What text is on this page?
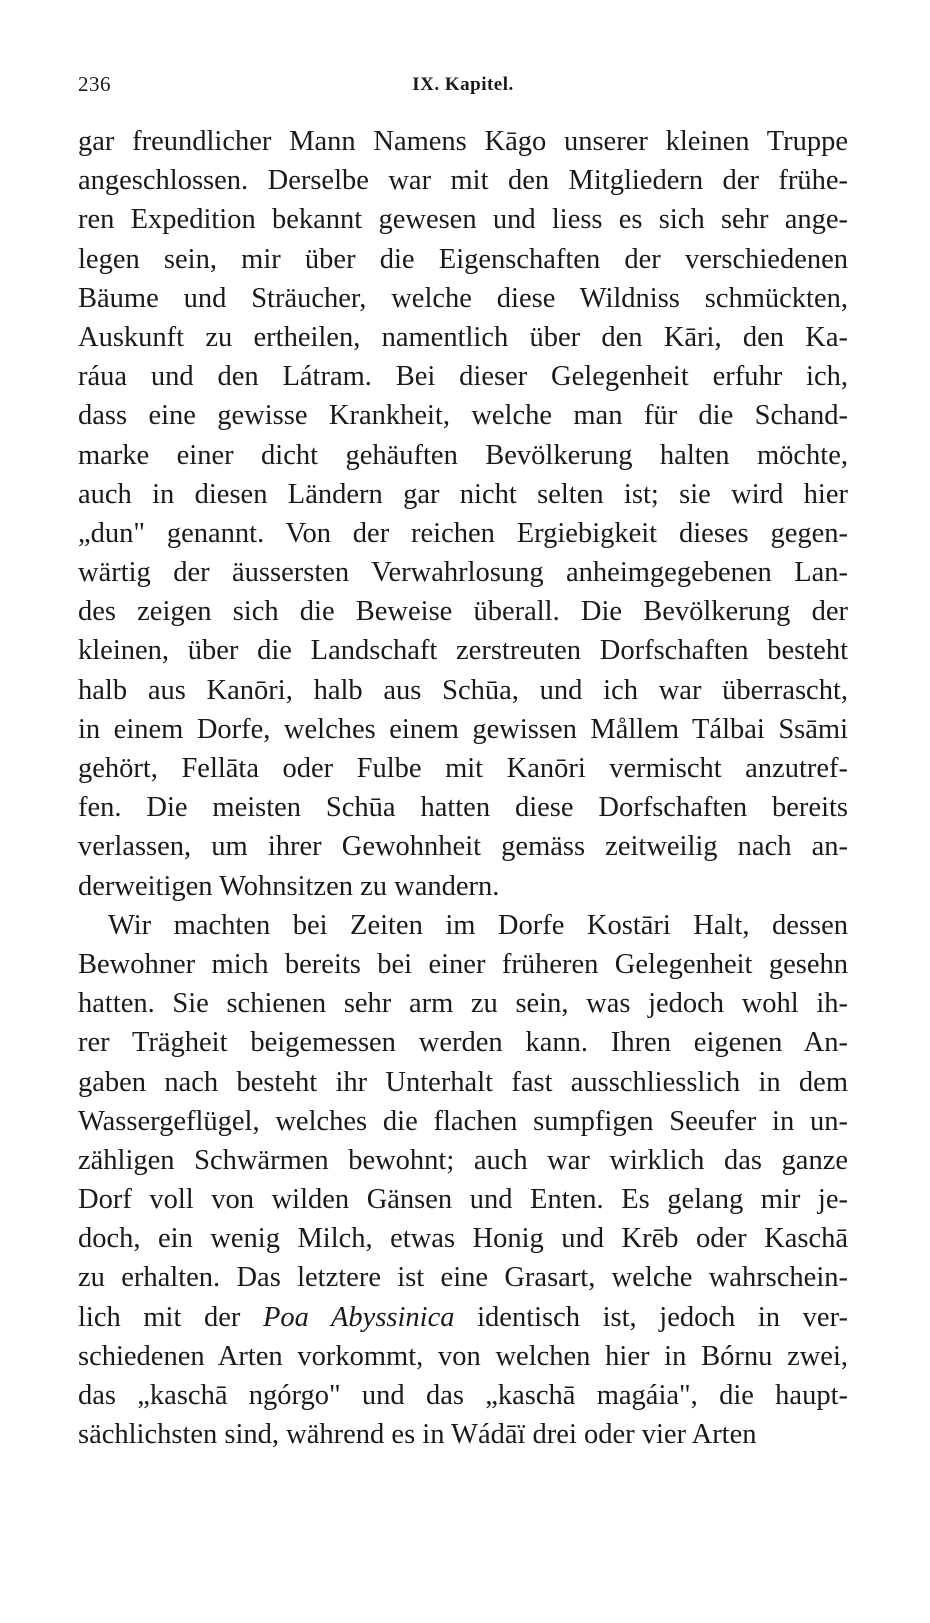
236	IX. Kapitel.
gar freundlicher Mann Namens Kāgo unserer kleinen Truppe
angeschlossen. Derselbe war mit den Mitgliedern der frühe-
ren Expedition bekannt gewesen und liess es sich sehr ange-
legen sein, mir über die Eigenschaften der verschiedenen
Bäume und Sträucher, welche diese Wildniss schmückten,
Auskunft zu ertheilen, namentlich über den Kāri, den Ka-
ráua und den Látram. Bei dieser Gelegenheit erfuhr ich,
dass eine gewisse Krankheit, welche man für die Schand-
marke einer dicht gehäuften Bevölkerung halten möchte,
auch in diesen Ländern gar nicht selten ist; sie wird hier
„dun" genannt. Von der reichen Ergiebigkeit dieses gegen-
wärtig der äussersten Verwahrlosung anheimgegebenen Lan-
des zeigen sich die Beweise überall. Die Bevölkerung der
kleinen, über die Landschaft zerstreuten Dorfschaften besteht
halb aus Kanōri, halb aus Schūa, und ich war überrascht,
in einem Dorfe, welches einem gewissen Mållem Tálbai Ssāmi
gehört, Fellāta oder Fulbe mit Kanōri vermischt anzutref-
fen. Die meisten Schūa hatten diese Dorfschaften bereits
verlassen, um ihrer Gewohnheit gemäss zeitweilig nach an-
derweitigen Wohnsitzen zu wandern.
Wir machten bei Zeiten im Dorfe Kostāri Halt, dessen
Bewohner mich bereits bei einer früheren Gelegenheit gesehn
hatten. Sie schienen sehr arm zu sein, was jedoch wohl ih-
rer Trägheit beigemessen werden kann. Ihren eigenen An-
gaben nach besteht ihr Unterhalt fast ausschliesslich in dem
Wassergeflügel, welches die flachen sumpfigen Seeufer in un-
zähligen Schwärmen bewohnt; auch war wirklich das ganze
Dorf voll von wilden Gänsen und Enten. Es gelang mir je-
doch, ein wenig Milch, etwas Honig und Krēb oder Kaschā
zu erhalten. Das letztere ist eine Grasart, welche wahrschein-
lich mit der Poa Abyssinica identisch ist, jedoch in ver-
schiedenen Arten vorkommt, von welchen hier in Bórnu zwei,
das „kaschā ngórgo" und das „kaschā magáia", die haupt-
sächlichsten sind, während es in Wádāï drei oder vier Arten
